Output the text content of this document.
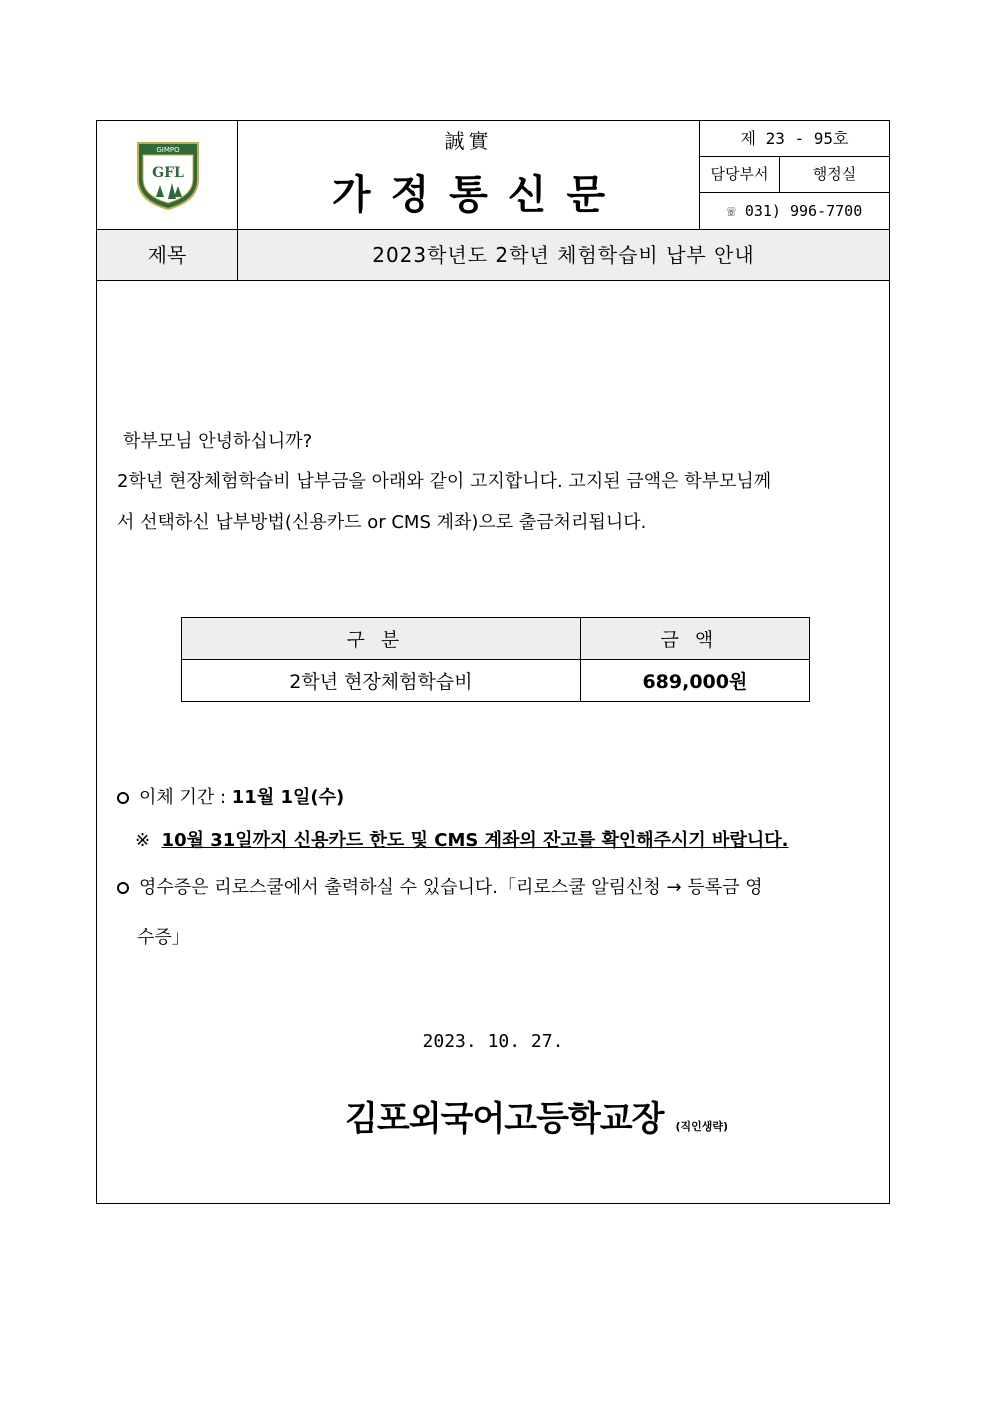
GIMPO
GFL
誠實
가정통신문
제 23 - 95호
담당부서	행정실
☏ 031) 996-7700
제목	2023학년도 2학년 체험학습비 납부 안내
학부모님 안녕하십니까?
2학년 현장체험학습비 납부금을 아래와 같이 고지합니다. 고지된 금액은 학부모님께
서 선택하신 납부방법(신용카드 or CMS 계좌)으로 출금처리됩니다.
구분	금액
2학년 현장체험학습비	689,000원
이체 기간 : 11월 1일(수)
※ 10월 31일까지 신용카드 한도 및 CMS 계좌의 잔고를 확인해주시기 바랍니다.
영수증은 리로스쿨에서 출력하실 수 있습니다.「리로스쿨 알림신청 → 등록금 영
수증」
2023. 10. 27.
김포외국어고등학교장 (직인생략)
